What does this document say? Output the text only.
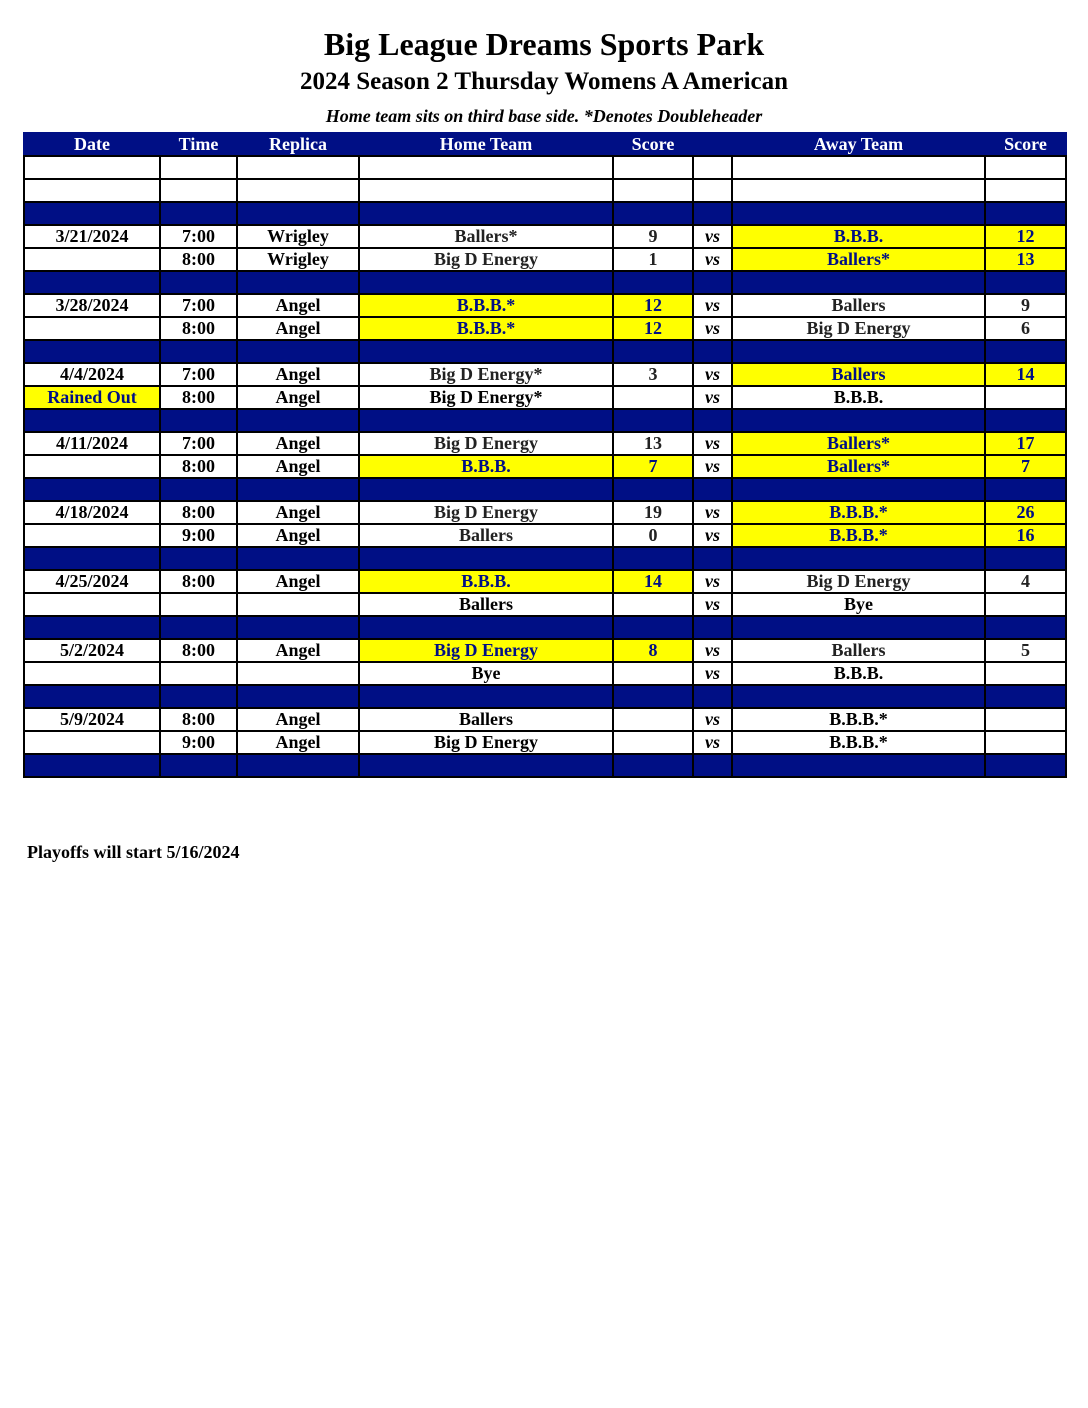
Big League Dreams Sports Park
2024 Season 2 Thursday Womens A American
Home team sits on third base side. *Denotes Doubleheader
Date	Time	Replica	Home Team	Score		Away Team	Score

3/21/2024	7:00	Wrigley	Ballers*	9	vs	B.B.B.	12
	8:00	Wrigley	Big D Energy	1	vs	Ballers*	13

3/28/2024	7:00	Angel	B.B.B.*	12	vs	Ballers	9
	8:00	Angel	B.B.B.*	12	vs	Big D Energy	6

4/4/2024	7:00	Angel	Big D Energy*	3	vs	Ballers	14
Rained Out	8:00	Angel	Big D Energy*		vs	B.B.B.	

4/11/2024	7:00	Angel	Big D Energy	13	vs	Ballers*	17
	8:00	Angel	B.B.B.	7	vs	Ballers*	7

4/18/2024	8:00	Angel	Big D Energy	19	vs	B.B.B.*	26
	9:00	Angel	Ballers	0	vs	B.B.B.*	16

4/25/2024	8:00	Angel	B.B.B.	14	vs	Big D Energy	4
			Ballers		vs	Bye	

5/2/2024	8:00	Angel	Big D Energy	8	vs	Ballers	5
			Bye		vs	B.B.B.	

5/9/2024	8:00	Angel	Ballers		vs	B.B.B.*	
	9:00	Angel	Big D Energy		vs	B.B.B.*	

Playoffs will start 5/16/2024
